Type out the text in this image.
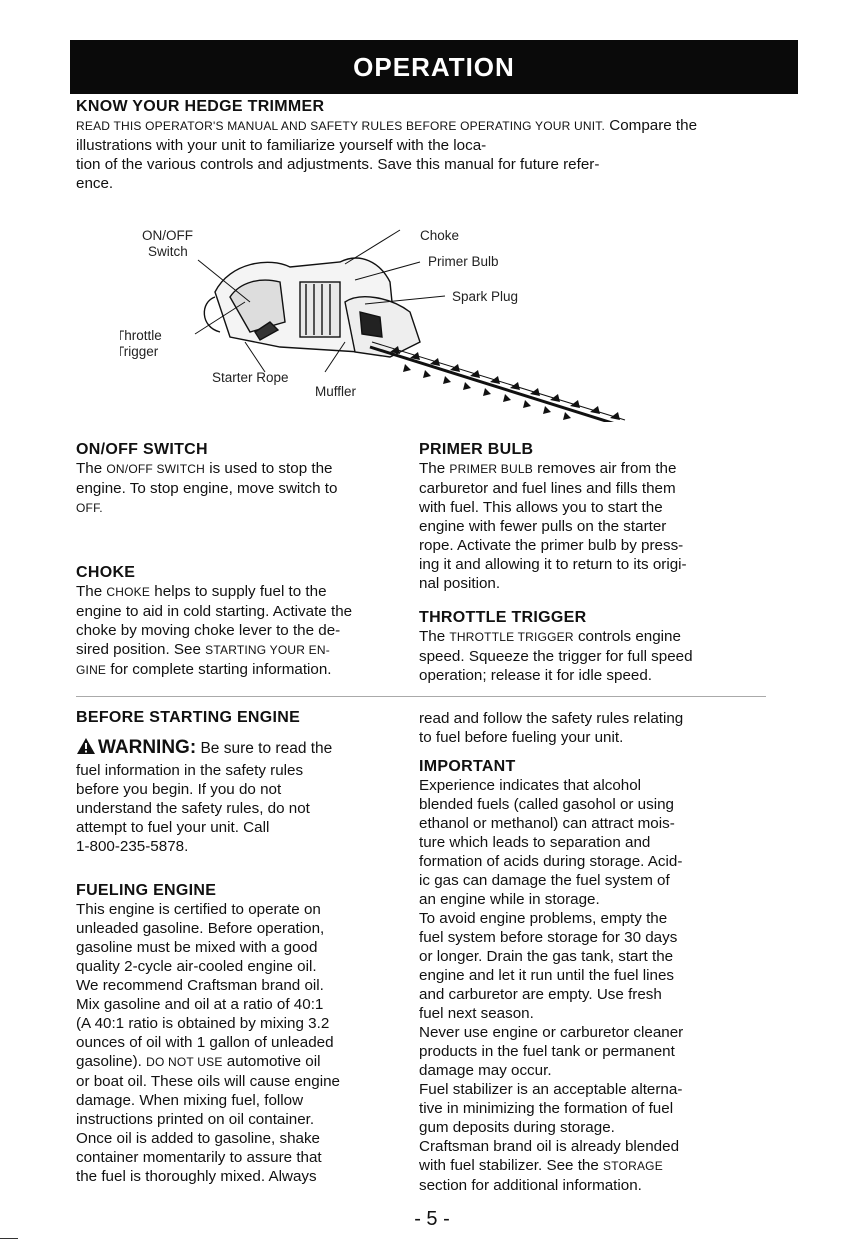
OPERATION
KNOW YOUR HEDGE TRIMMER
READ THIS OPERATOR'S MANUAL AND SAFETY RULES BEFORE OPERATING YOUR UNIT. Compare the illustrations with your unit to familiarize yourself with the loca-
tion of the various controls and adjustments. Save this manual for future refer-
ence.
ON/OFF
Switch
Choke
Primer Bulb
Spark Plug
Throttle
Trigger
Starter Rope
Muffler
ON/OFF SWITCH
The ON/OFF SWITCH is used to stop the
engine. To stop engine, move switch to
OFF.
CHOKE
The CHOKE helps to supply fuel to the
engine to aid in cold starting. Activate the
choke by moving choke lever to the de-
sired position. See STARTING YOUR EN-
GINE for complete starting information.
PRIMER BULB
The PRIMER BULB removes air from the
carburetor and fuel lines and fills them
with fuel. This allows you to start the
engine with fewer pulls on the starter
rope. Activate the primer bulb by press-
ing it and allowing it to return to its origi-
nal position.
THROTTLE TRIGGER
The THROTTLE TRIGGER controls engine
speed. Squeeze the trigger for full speed
operation; release it for idle speed.
BEFORE STARTING ENGINE
WARNING: Be sure to read the
fuel information in the safety rules
before you begin. If you do not
understand the safety rules, do not
attempt to fuel your unit. Call
1-800-235-5878.
FUELING ENGINE
This engine is certified to operate on
unleaded gasoline. Before operation,
gasoline must be mixed with a good
quality 2-cycle air-cooled engine oil.
We recommend Craftsman brand oil.
Mix gasoline and oil at a ratio of 40:1
(A 40:1 ratio is obtained by mixing 3.2
ounces of oil with 1 gallon of unleaded
gasoline). DO NOT USE automotive oil
or boat oil. These oils will cause engine
damage. When mixing fuel, follow
instructions printed on oil container.
Once oil is added to gasoline, shake
container momentarily to assure that
the fuel is thoroughly mixed. Always
read and follow the safety rules relating
to fuel before fueling your unit.
IMPORTANT
Experience indicates that alcohol
blended fuels (called gasohol or using
ethanol or methanol) can attract mois-
ture which leads to separation and
formation of acids during storage. Acid-
ic gas can damage the fuel system of
an engine while in storage.
To avoid engine problems, empty the
fuel system before storage for 30 days
or longer. Drain the gas tank, start the
engine and let it run until the fuel lines
and carburetor are empty. Use fresh
fuel next season.
Never use engine or carburetor cleaner
products in the fuel tank or permanent
damage may occur.
Fuel stabilizer is an acceptable alterna-
tive in minimizing the formation of fuel
gum deposits during storage.
Craftsman brand oil is already blended
with fuel stabilizer. See the STORAGE
section for additional information.
- 5 -
